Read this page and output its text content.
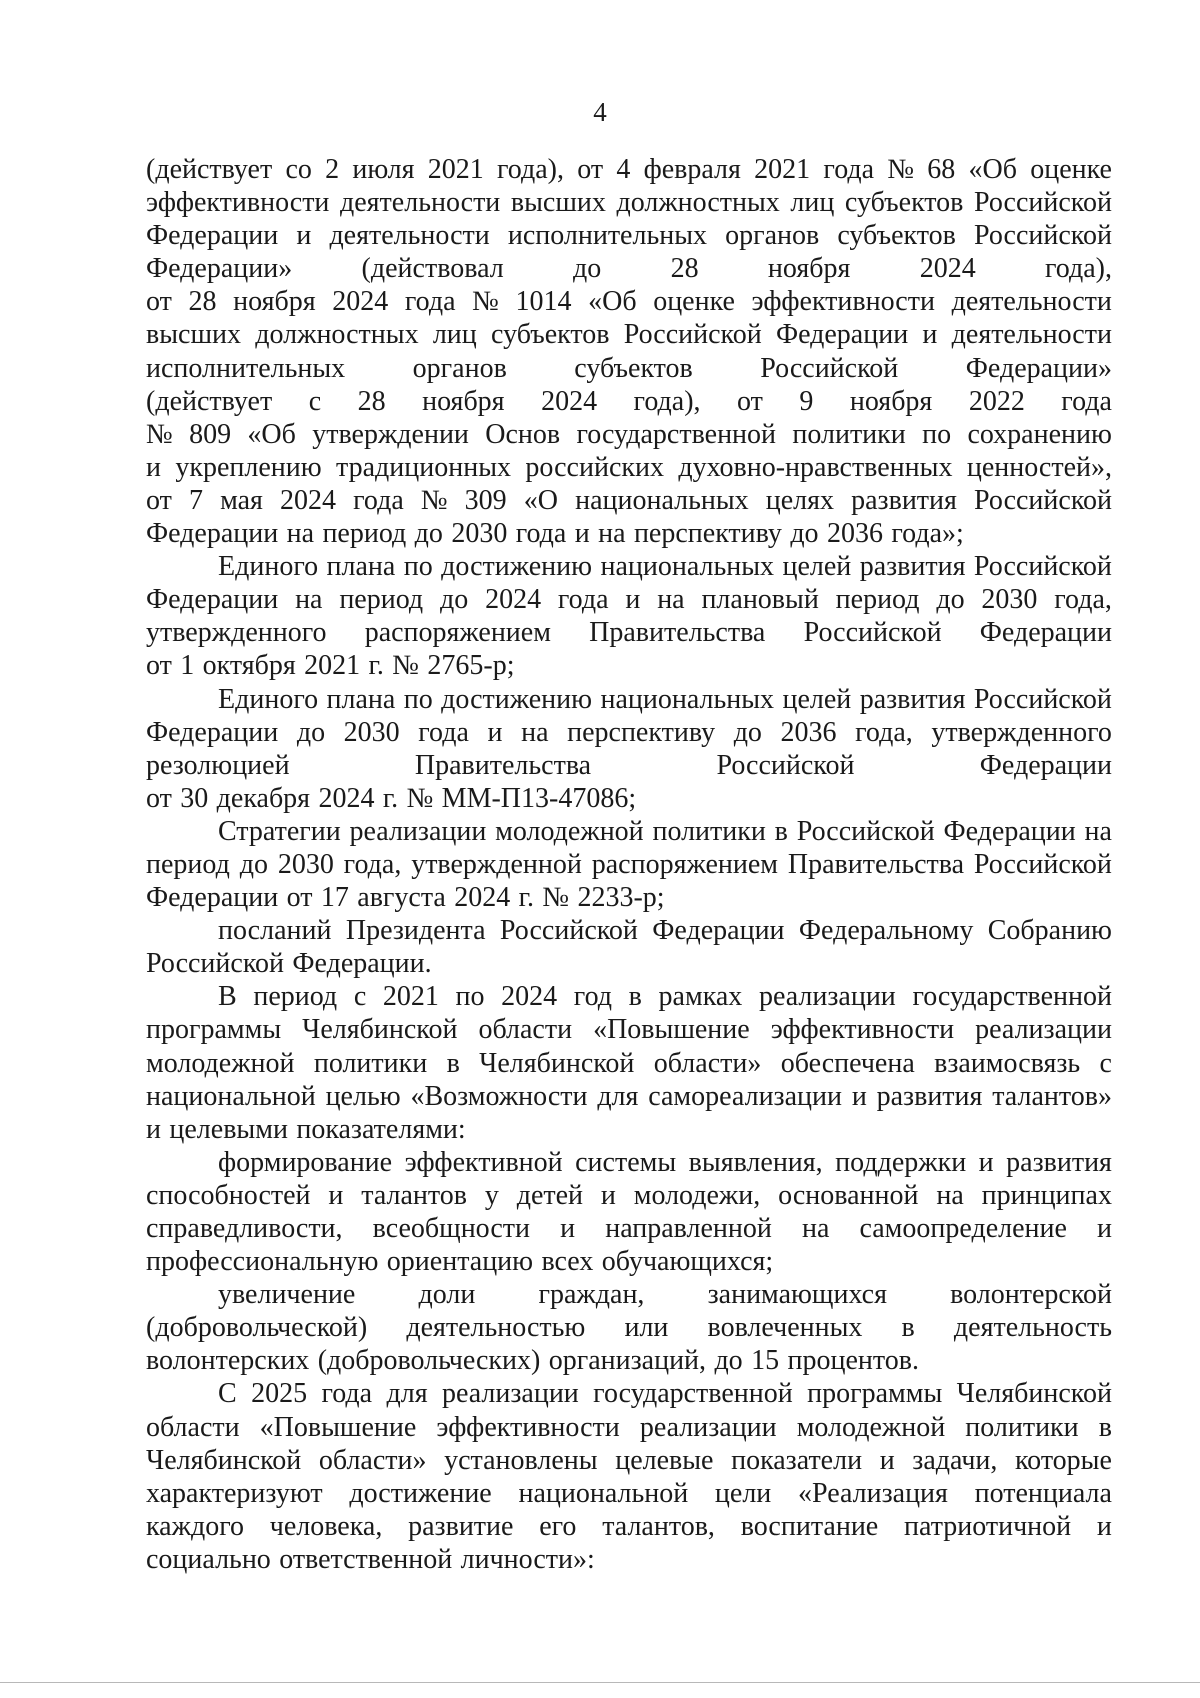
4
(действует со 2 июля 2021 года), от 4 февраля 2021 года № 68 «Об оценке
эффективности деятельности высших должностных лиц субъектов Российской
Федерации и деятельности исполнительных органов субъектов Российской
Федерации» (действовал до 28 ноября 2024 года),
от 28 ноября 2024 года № 1014 «Об оценке эффективности деятельности
высших должностных лиц субъектов Российской Федерации и деятельности
исполнительных органов субъектов Российской Федерации»
(действует с 28 ноября 2024 года), от 9 ноября 2022 года
№ 809 «Об утверждении Основ государственной политики по сохранению
и укреплению традиционных российских духовно-нравственных ценностей»,
от 7 мая 2024 года № 309 «О национальных целях развития Российской
Федерации на период до 2030 года и на перспективу до 2036 года»;
Единого плана по достижению национальных целей развития Российской
Федерации на период до 2024 года и на плановый период до 2030 года,
утвержденного распоряжением Правительства Российской Федерации
от 1 октября 2021 г. № 2765-р;
Единого плана по достижению национальных целей развития Российской
Федерации до 2030 года и на перспективу до 2036 года, утвержденного
резолюцией	Правительства	Российской	Федерации
от 30 декабря 2024 г. № ММ-П13-47086;
Стратегии реализации молодежной политики в Российской Федерации на
период до 2030 года, утвержденной распоряжением Правительства Российской
Федерации от 17 августа 2024 г. № 2233-р;
посланий Президента Российской Федерации Федеральному Собранию
Российской Федерации.
В период с 2021 по 2024 год в рамках реализации государственной
программы Челябинской области «Повышение эффективности реализации
молодежной политики в Челябинской области» обеспечена взаимосвязь с
национальной целью «Возможности для самореализации и развития талантов»
и целевыми показателями:
формирование эффективной системы выявления, поддержки и развития
способностей и талантов у детей и молодежи, основанной на принципах
справедливости, всеобщности и направленной на самоопределение и
профессиональную ориентацию всех обучающихся;
увеличение доли граждан, занимающихся волонтерской
(добровольческой) деятельностью или вовлеченных в деятельность
волонтерских (добровольческих) организаций, до 15 процентов.
С 2025 года для реализации государственной программы Челябинской
области «Повышение эффективности реализации молодежной политики в
Челябинской области» установлены целевые показатели и задачи, которые
характеризуют достижение национальной цели «Реализация потенциала
каждого человека, развитие его талантов, воспитание патриотичной и
социально ответственной личности»:
